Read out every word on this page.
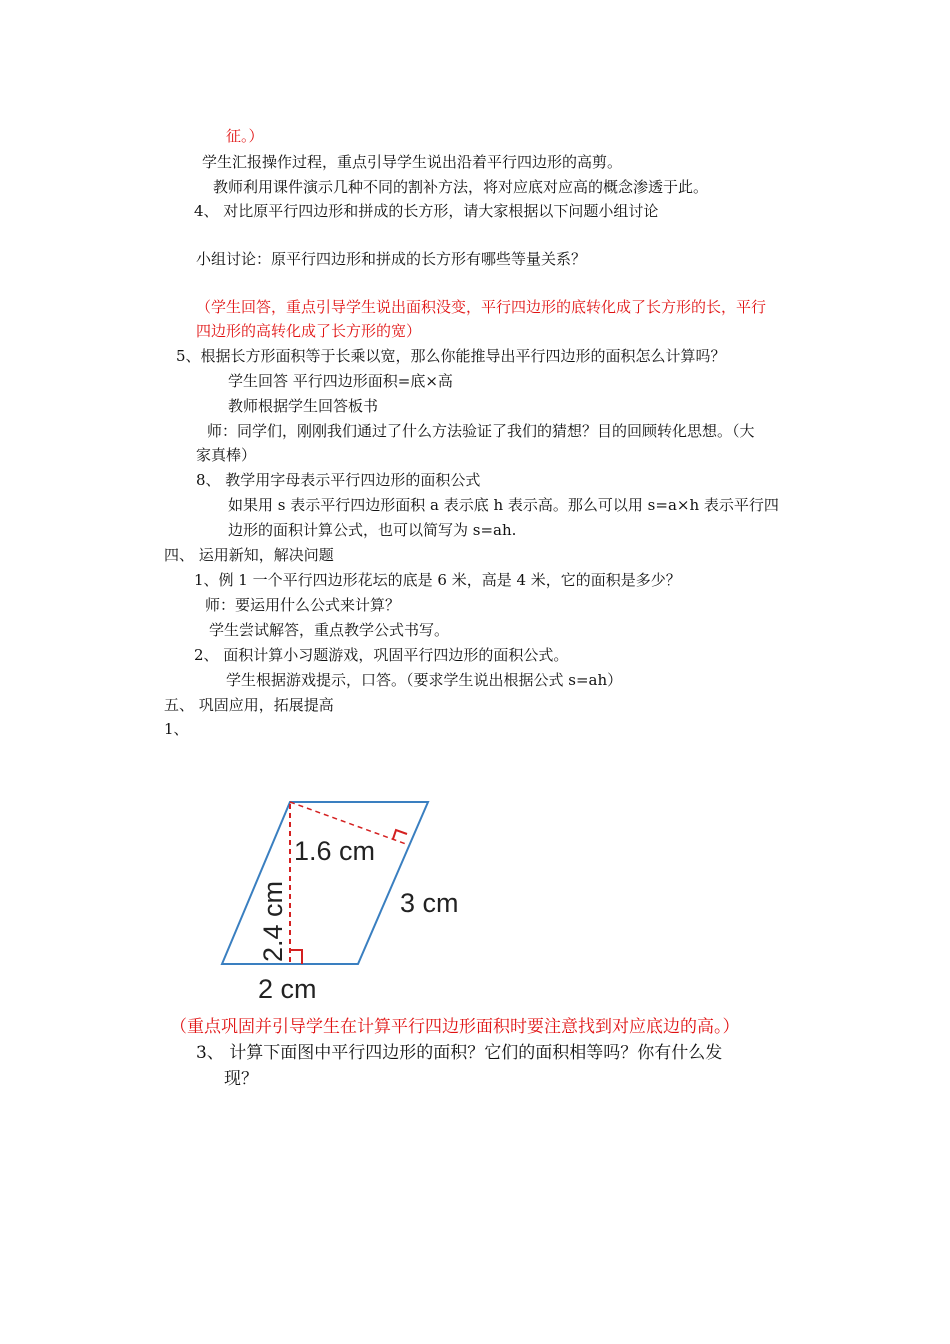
征。）
学生汇报操作过程，重点引导学生说出沿着平行四边形的高剪。
教师利用课件演示几种不同的割补方法，将对应底对应高的概念渗透于此。
4、 对比原平行四边形和拼成的长方形，请大家根据以下问题小组讨论
小组讨论：原平行四边形和拼成的长方形有哪些等量关系？
（学生回答，重点引导学生说出面积没变，平行四边形的底转化成了长方形的长，平行
四边形的高转化成了长方形的宽）
5、根据长方形面积等于长乘以宽，那么你能推导出平行四边形的面积怎么计算吗？
学生回答 平行四边形面积=底×高
教师根据学生回答板书
师：同学们，刚刚我们通过了什么方法验证了我们的猜想？目的回顾转化思想。（大
家真棒）
8、 教学用字母表示平行四边形的面积公式
如果用 s 表示平行四边形面积 a 表示底 h 表示高。那么可以用 s=a×h 表示平行四
边形的面积计算公式，也可以简写为 s=ah.
四、 运用新知，解决问题
1、例 1 一个平行四边形花坛的底是 6 米，高是 4 米，它的面积是多少？
师：要运用什么公式来计算？
学生尝试解答，重点教学公式书写。
2、 面积计算小习题游戏，巩固平行四边形的面积公式。
学生根据游戏提示，口答。（要求学生说出根据公式 s=ah）
五、 巩固应用，拓展提高
1、
1.6 cm
3 cm
2.4 cm
2 cm
（重点巩固并引导学生在计算平行四边形面积时要注意找到对应底边的高。）
3、 计算下面图中平行四边形的面积？它们的面积相等吗？你有什么发
现？
